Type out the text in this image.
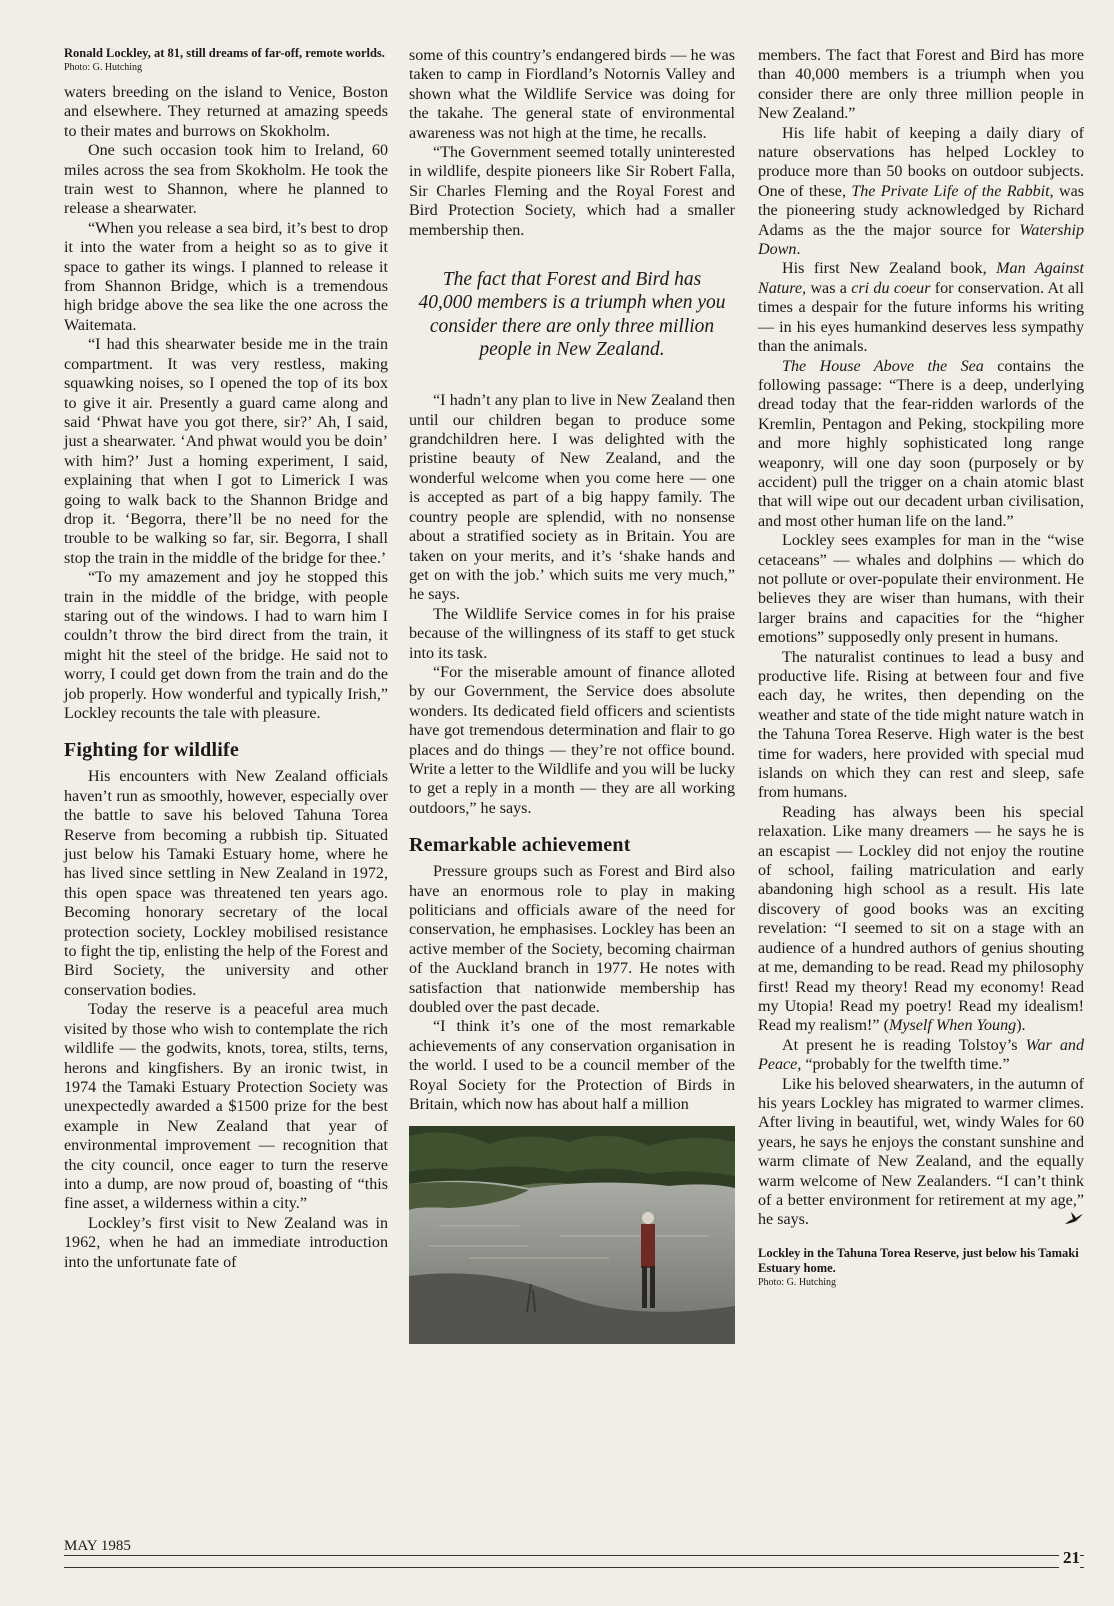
Ronald Lockley, at 81, still dreams of far-off, remote worlds.
Photo: G. Hutching

waters breeding on the island to Venice, Boston and elsewhere. They returned at amazing speeds to their mates and burrows on Skokholm.

One such occasion took him to Ireland, 60 miles across the sea from Skokholm. He took the train west to Shannon, where he planned to release a shearwater.

“When you release a sea bird, it’s best to drop it into the water from a height so as to give it space to gather its wings. I planned to release it from Shannon Bridge, which is a tremendous high bridge above the sea like the one across the Waitemata.

“I had this shearwater beside me in the train compartment. It was very restless, making squawking noises, so I opened the top of its box to give it air. Presently a guard came along and said ‘Phwat have you got there, sir?’ Ah, I said, just a shearwater. ‘And phwat would you be doin’ with him?’ Just a homing experiment, I said, explaining that when I got to Limerick I was going to walk back to the Shannon Bridge and drop it. ‘Begorra, there’ll be no need for the trouble to be walking so far, sir. Begorra, I shall stop the train in the middle of the bridge for thee.’

“To my amazement and joy he stopped this train in the middle of the bridge, with people staring out of the windows. I had to warn him I couldn’t throw the bird direct from the train, it might hit the steel of the bridge. He said not to worry, I could get down from the train and do the job properly. How wonderful and typically Irish,” Lockley recounts the tale with pleasure.

Fighting for wildlife

His encounters with New Zealand officials haven’t run as smoothly, however, especially over the battle to save his beloved Tahuna Torea Reserve from becoming a rubbish tip. Situated just below his Tamaki Estuary home, where he has lived since settling in New Zealand in 1972, this open space was threatened ten years ago. Becoming honorary secretary of the local protection society, Lockley mobilised resistance to fight the tip, enlisting the help of the Forest and Bird Society, the university and other conservation bodies.

Today the reserve is a peaceful area much visited by those who wish to contemplate the rich wildlife — the godwits, knots, torea, stilts, terns, herons and kingfishers. By an ironic twist, in 1974 the Tamaki Estuary Protection Society was unexpectedly awarded a $1500 prize for the best example in New Zealand that year of environmental improvement — recognition that the city council, once eager to turn the reserve into a dump, are now proud of, boasting of “this fine asset, a wilderness within a city.”

Lockley’s first visit to New Zealand was in 1962, when he had an immediate introduction into the unfortunate fate of

some of this country’s endangered birds — he was taken to camp in Fiordland’s Notornis Valley and shown what the Wildlife Service was doing for the takahe. The general state of environmental awareness was not high at the time, he recalls.

“The Government seemed totally uninterested in wildlife, despite pioneers like Sir Robert Falla, Sir Charles Fleming and the Royal Forest and Bird Protection Society, which had a smaller membership then.

The fact that Forest and Bird has 40,000 members is a triumph when you consider there are only three million people in New Zealand.

“I hadn’t any plan to live in New Zealand then until our children began to produce some grandchildren here. I was delighted with the pristine beauty of New Zealand, and the wonderful welcome when you come here — one is accepted as part of a big happy family. The country people are splendid, with no nonsense about a stratified society as in Britain. You are taken on your merits, and it’s ‘shake hands and get on with the job.’ which suits me very much,” he says.

The Wildlife Service comes in for his praise because of the willingness of its staff to get stuck into its task.

“For the miserable amount of finance alloted by our Government, the Service does absolute wonders. Its dedicated field officers and scientists have got tremendous determination and flair to go places and do things — they’re not office bound. Write a letter to the Wildlife and you will be lucky to get a reply in a month — they are all working outdoors,” he says.

Remarkable achievement

Pressure groups such as Forest and Bird also have an enormous role to play in making politicians and officials aware of the need for conservation, he emphasises. Lockley has been an active member of the Society, becoming chairman of the Auckland branch in 1977. He notes with satisfaction that nationwide membership has doubled over the past decade.

“I think it’s one of the most remarkable achievements of any conservation organisation in the world. I used to be a council member of the Royal Society for the Protection of Birds in Britain, which now has about half a million

members. The fact that Forest and Bird has more than 40,000 members is a triumph when you consider there are only three million people in New Zealand.”

His life habit of keeping a daily diary of nature observations has helped Lockley to produce more than 50 books on outdoor subjects. One of these, The Private Life of the Rabbit, was the pioneering study acknowledged by Richard Adams as the the major source for Watership Down.

His first New Zealand book, Man Against Nature, was a cri du coeur for conservation. At all times a despair for the future informs his writing — in his eyes humankind deserves less sympathy than the animals.

The House Above the Sea contains the following passage: “There is a deep, underlying dread today that the fear-ridden warlords of the Kremlin, Pentagon and Peking, stockpiling more and more highly sophisticated long range weaponry, will one day soon (purposely or by accident) pull the trigger on a chain atomic blast that will wipe out our decadent urban civilisation, and most other human life on the land.”

Lockley sees examples for man in the “wise cetaceans” — whales and dolphins — which do not pollute or over-populate their environment. He believes they are wiser than humans, with their larger brains and capacities for the “higher emotions” supposedly only present in humans.

The naturalist continues to lead a busy and productive life. Rising at between four and five each day, he writes, then depending on the weather and state of the tide might nature watch in the Tahuna Torea Reserve. High water is the best time for waders, here provided with special mud islands on which they can rest and sleep, safe from humans.

Reading has always been his special relaxation. Like many dreamers — he says he is an escapist — Lockley did not enjoy the routine of school, failing matriculation and early abandoning high school as a result. His late discovery of good books was an exciting revelation: “I seemed to sit on a stage with an audience of a hundred authors of genius shouting at me, demanding to be read. Read my philosophy first! Read my theory! Read my economy! Read my Utopia! Read my poetry! Read my idealism! Read my realism!” (Myself When Young).

At present he is reading Tolstoy’s War and Peace, “probably for the twelfth time.”

Like his beloved shearwaters, in the autumn of his years Lockley has migrated to warmer climes. After living in beautiful, wet, windy Wales for 60 years, he says he enjoys the constant sunshine and warm climate of New Zealand, and the equally warm welcome of New Zealanders. “I can’t think of a better environment for retirement at my age,” he says.

Lockley in the Tahuna Torea Reserve, just below his Tamaki Estuary home.
Photo: G. Hutching
MAY 1985
21
